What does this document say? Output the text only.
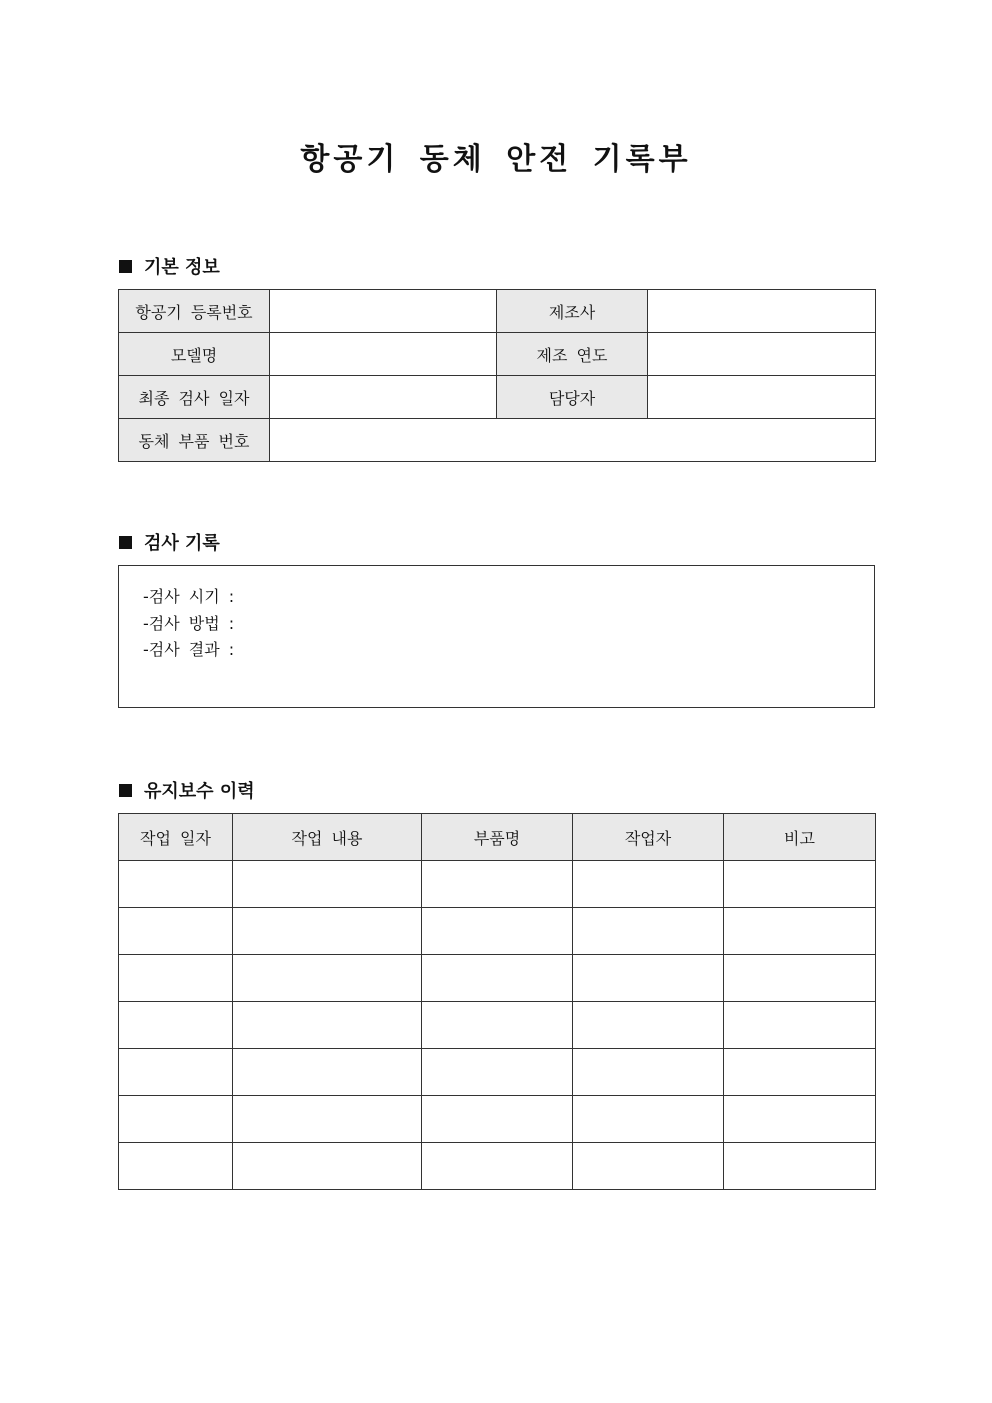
항공기 동체 안전 기록부
기본 정보
항공기 등록번호		제조사	
모델명		제조 연도	
최종 검사 일자		담당자	
동체 부품 번호			
검사 기록
-검사 시기 :
-검사 방법 :
-검사 결과 :
유지보수 이력
작업 일자	작업 내용	부품명	작업자	비고
